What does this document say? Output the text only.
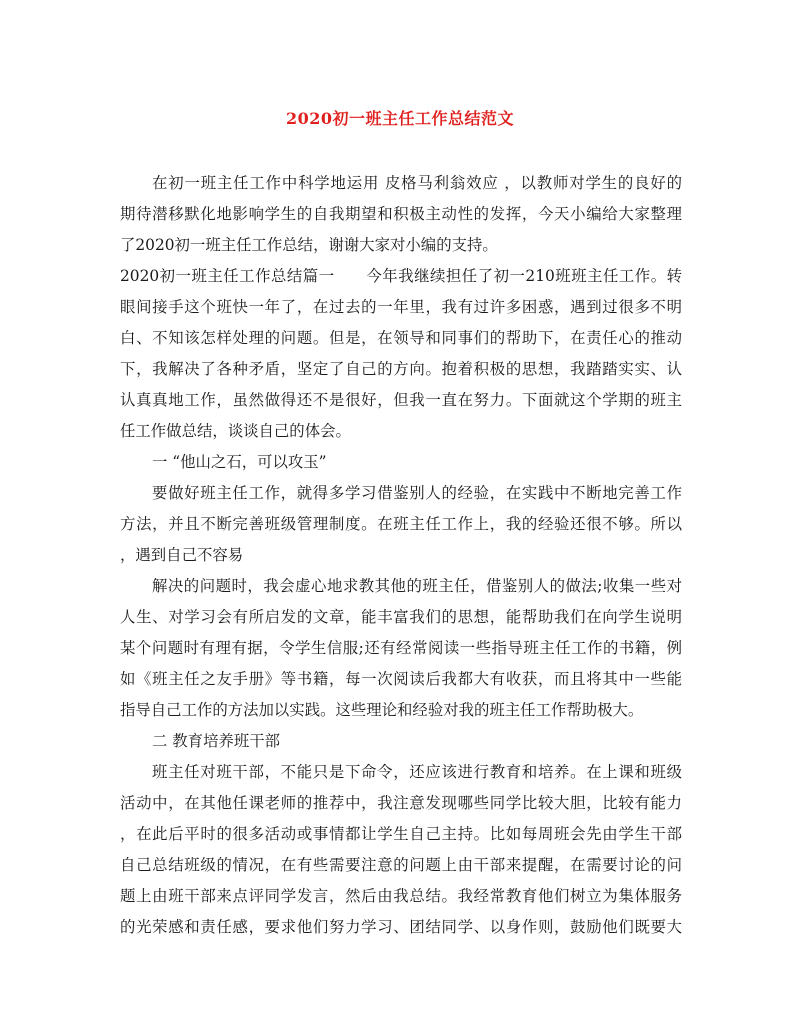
2020初一班主任工作总结范文
在初一班主任工作中科学地运用 皮格马利翁效应 ，以教师对学生的良好的
期待潜移默化地影响学生的自我期望和积极主动性的发挥，今天小编给大家整理
了2020初一班主任工作总结，谢谢大家对小编的支持。
2020初一班主任工作总结篇一　　今年我继续担任了初一210班班主任工作。转
眼间接手这个班快一年了，在过去的一年里，我有过许多困惑，遇到过很多不明
白、不知该怎样处理的问题。但是，在领导和同事们的帮助下，在责任心的推动
下，我解决了各种矛盾，坚定了自己的方向。抱着积极的思想，我踏踏实实、认
认真真地工作，虽然做得还不是很好，但我一直在努力。下面就这个学期的班主
任工作做总结，谈谈自己的体会。
一 “他山之石，可以攻玉”
要做好班主任工作，就得多学习借鉴别人的经验，在实践中不断地完善工作
方法，并且不断完善班级管理制度。在班主任工作上，我的经验还很不够。所以
，遇到自己不容易
解决的问题时，我会虚心地求教其他的班主任，借鉴别人的做法;收集一些对
人生、对学习会有所启发的文章，能丰富我们的思想，能帮助我们在向学生说明
某个问题时有理有据，令学生信服;还有经常阅读一些指导班主任工作的书籍，例
如《班主任之友手册》等书籍，每一次阅读后我都大有收获，而且将其中一些能
指导自己工作的方法加以实践。这些理论和经验对我的班主任工作帮助极大。
二 教育培养班干部
班主任对班干部，不能只是下命令，还应该进行教育和培养。在上课和班级
活动中，在其他任课老师的推荐中，我注意发现哪些同学比较大胆，比较有能力
，在此后平时的很多活动或事情都让学生自己主持。比如每周班会先由学生干部
自己总结班级的情况，在有些需要注意的问题上由干部来提醒，在需要讨论的问
题上由班干部来点评同学发言，然后由我总结。我经常教育他们树立为集体服务
的光荣感和责任感，要求他们努力学习、团结同学、以身作则，鼓励他们既要大
